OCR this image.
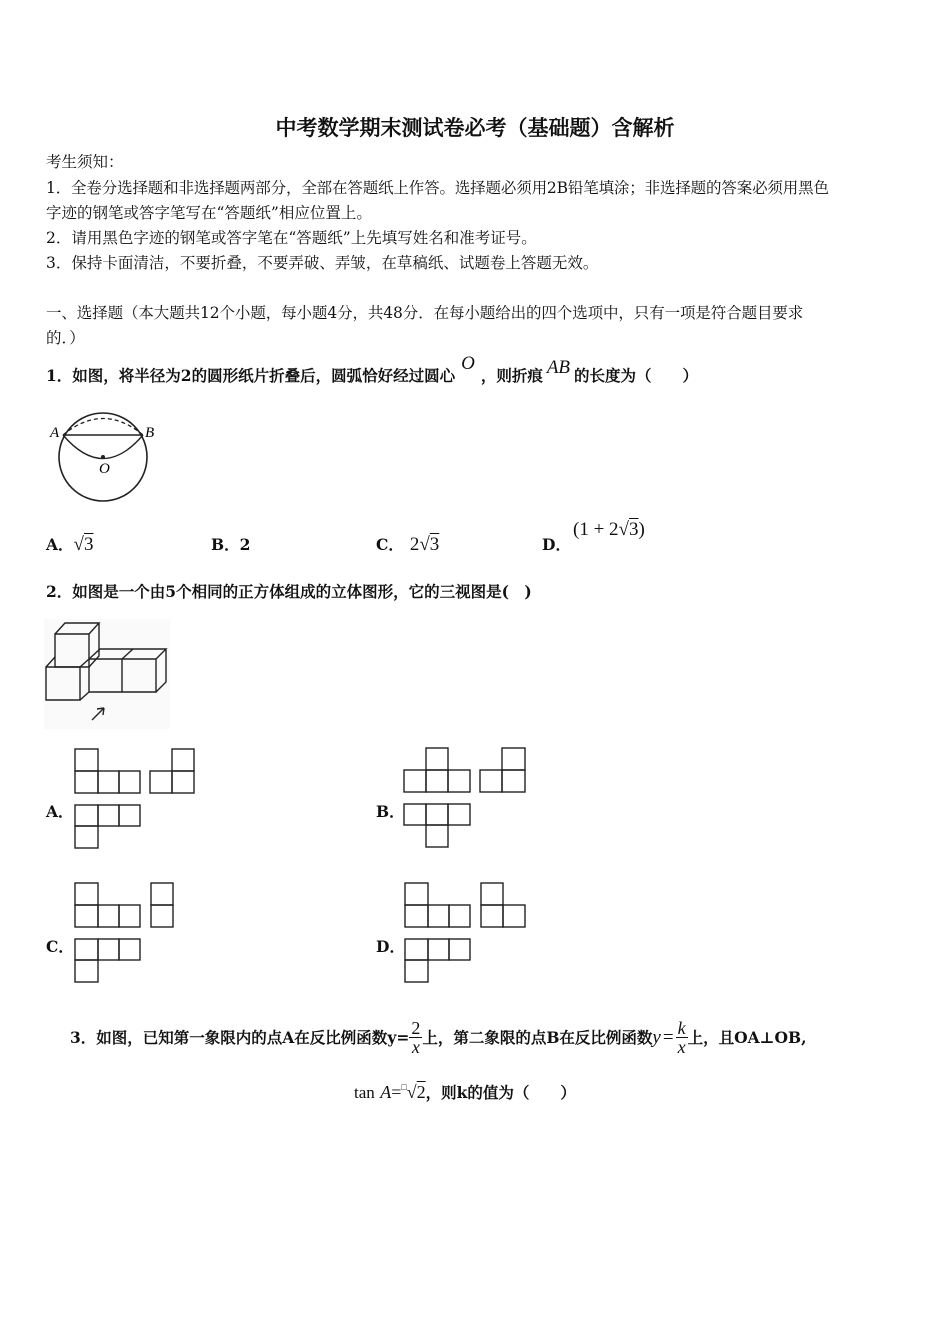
中考数学期末测试卷必考（基础题）含解析
考生须知：
1．全卷分选择题和非选择题两部分，全部在答题纸上作答。选择题必须用2B铅笔填涂；非选择题的答案必须用黑色
字迹的钢笔或答字笔写在“答题纸”相应位置上。
2．请用黑色字迹的钢笔或答字笔在“答题纸”上先填写姓名和准考证号。
3．保持卡面清洁，不要折叠，不要弄破、弄皱，在草稿纸、试题卷上答题无效。
一、选择题（本大题共12个小题，每小题4分，共48分．在每小题给出的四个选项中，只有一项是符合题目要求
的．）
1．如图，将半径为2的圆形纸片折叠后，圆弧恰好经过圆心O，则折痕 AB 的长度为（　　）
A	B
O
A．√3	B．2	C． 2√3	D．
(1 + 2√3)
2．如图是一个由5个相同的正方体组成的立体图形，它的三视图是(　)
A．	B．
C．	D．
3．如图，已知第一象限内的点A在反比例函数$y= \frac{2}{x}$ 上，第二象限的点B在反比例函数 $y = \frac{k}{x}$ 上，且OA⊥OB,
tan A=□√2，则k的值为（　　）
